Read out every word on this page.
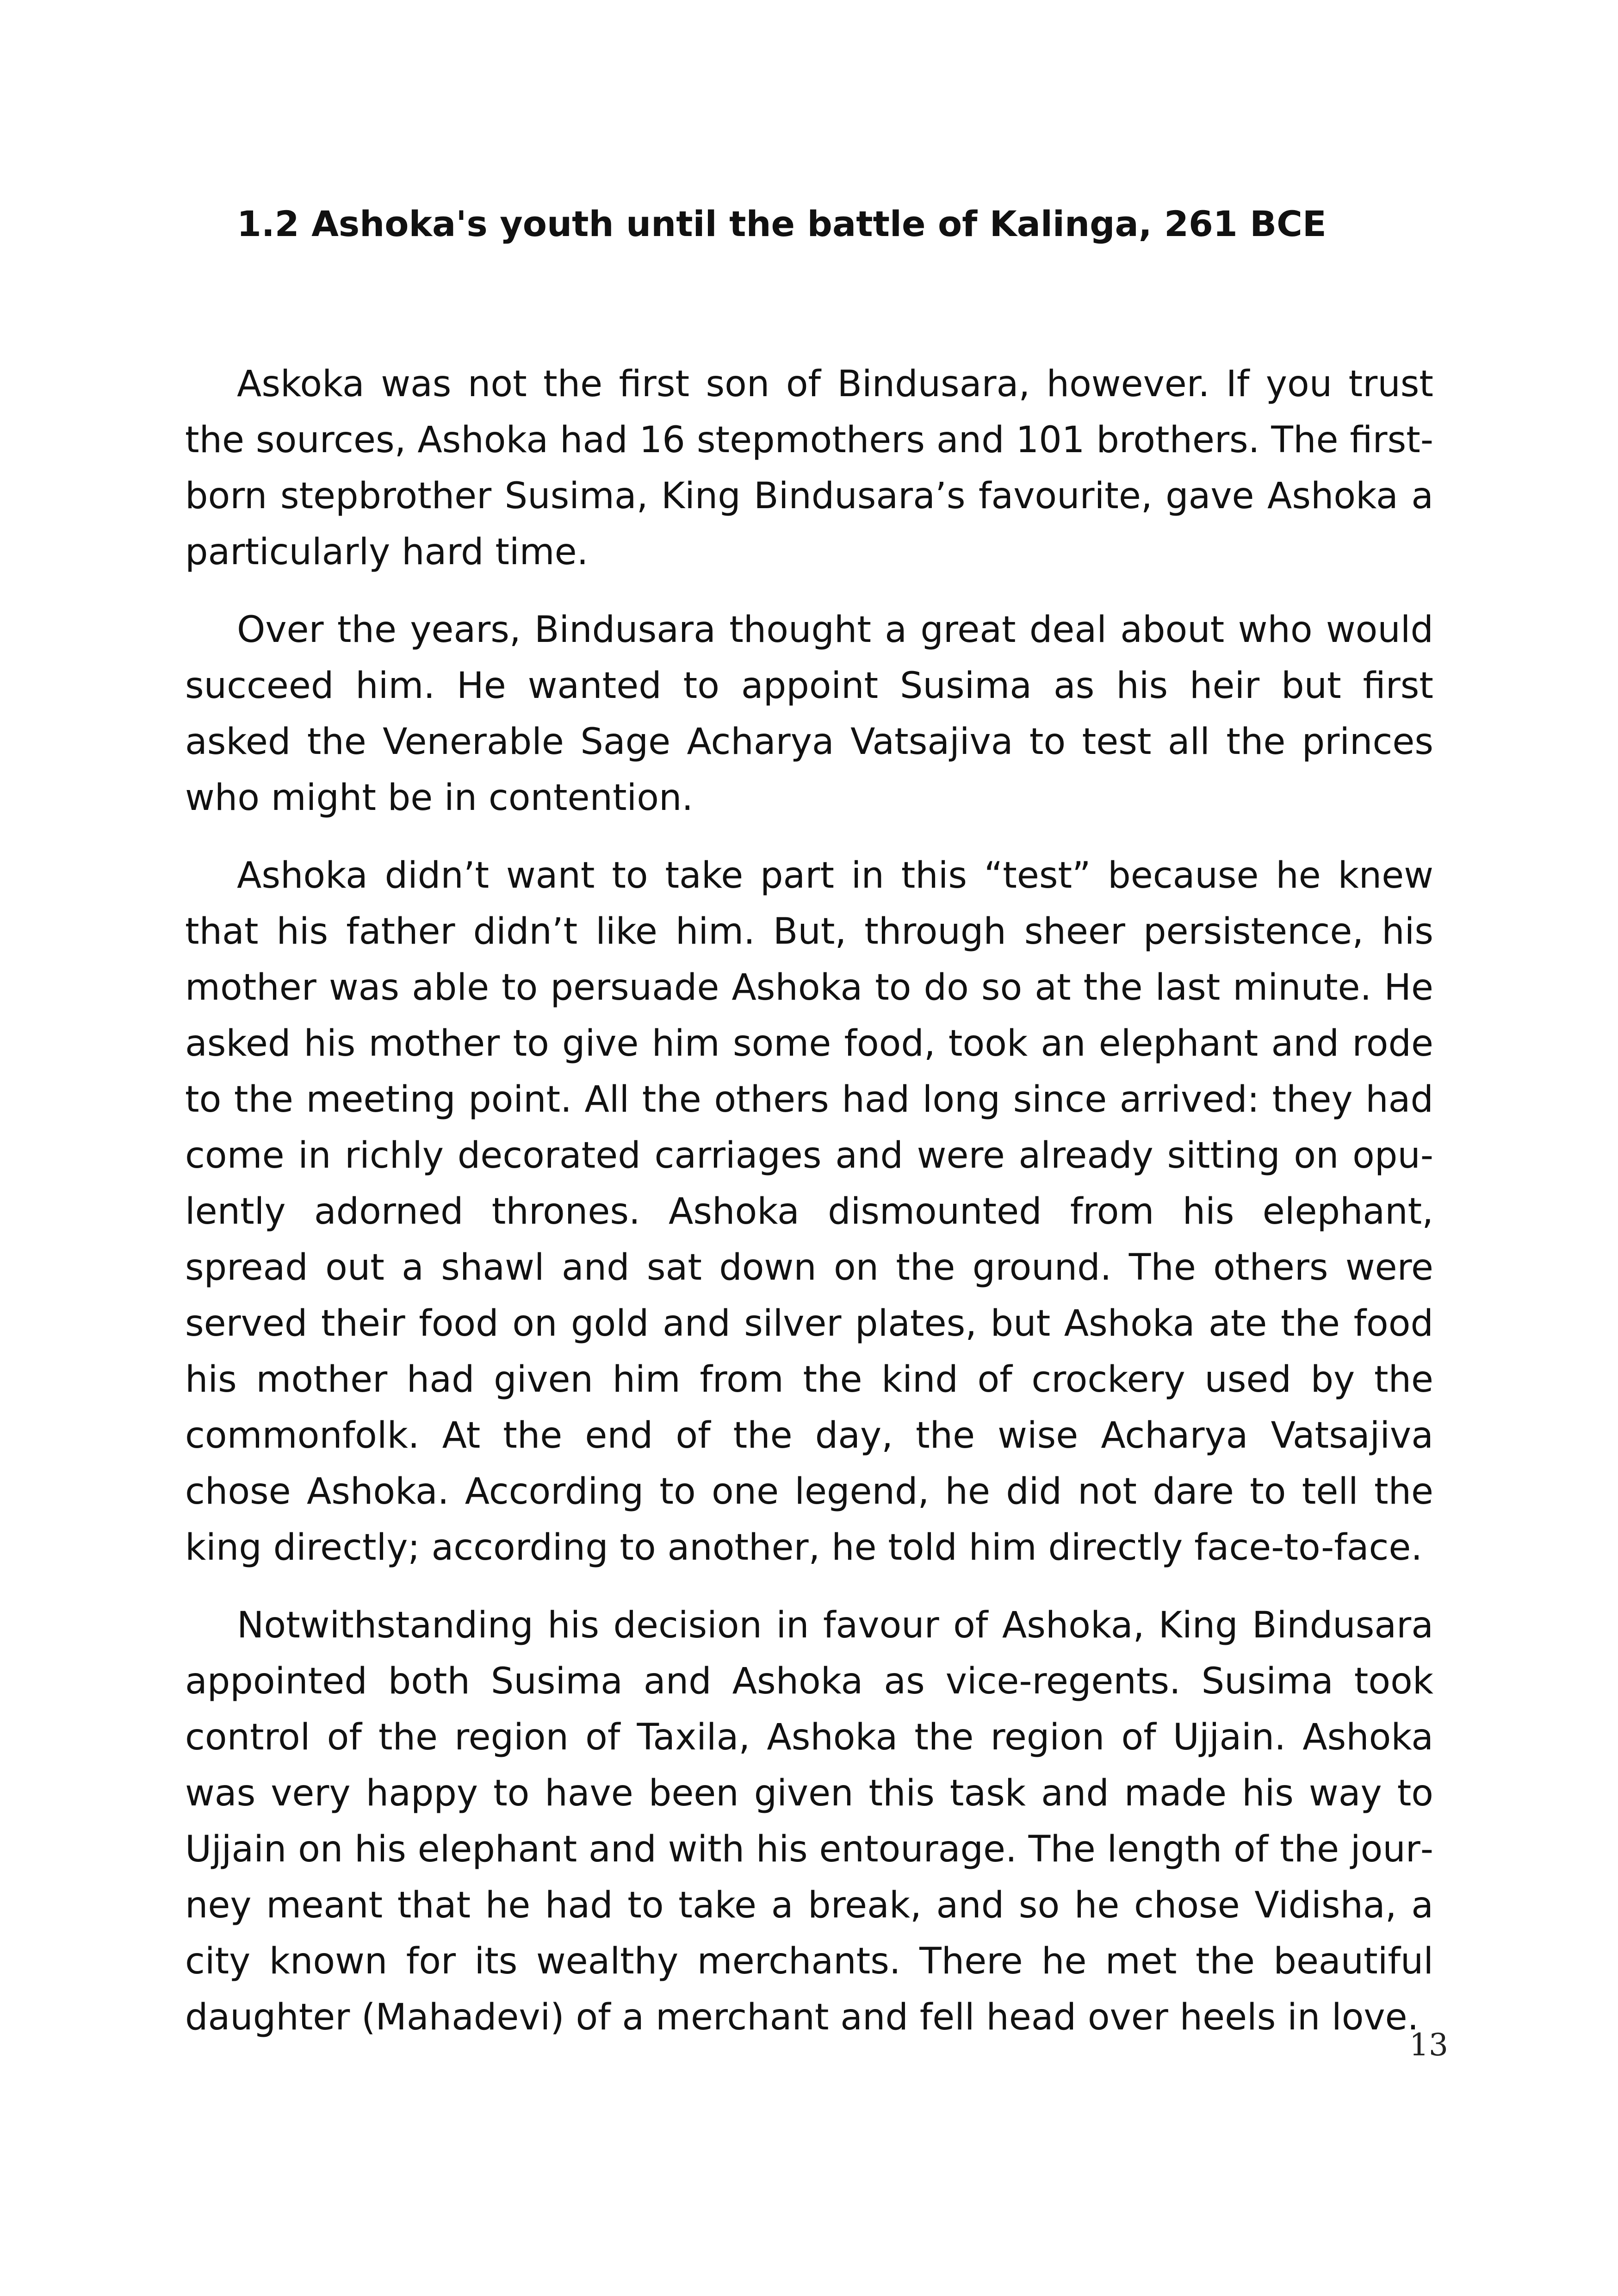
1.2 Ashoka's youth until the battle of Kalinga, 261 BCE

Askoka was not the first son of Bindusara, however. If you trust the sources, Ashoka had 16 stepmothers and 101 brothers. The firstborn stepbrother Susima, King Bindusara’s favourite, gave Ashoka a particularly hard time.

Over the years, Bindusara thought a great deal about who would succeed him. He wanted to appoint Susima as his heir but first asked the Venerable Sage Acharya Vatsajiva to test all the princes who might be in contention.

Ashoka didn’t want to take part in this “test” because he knew that his father didn’t like him. But, through sheer persistence, his mother was able to persuade Ashoka to do so at the last minute. He asked his mother to give him some food, took an elephant and rode to the meeting point. All the others had long since arrived: they had come in richly decorated carriages and were already sitting on opulently adorned thrones. Ashoka dismounted from his elephant, spread out a shawl and sat down on the ground. The others were served their food on gold and silver plates, but Ashoka ate the food his mother had given him from the kind of crockery used by the commonfolk. At the end of the day, the wise Acharya Vatsajiva chose Ashoka. According to one legend, he did not dare to tell the king directly; according to another, he told him directly face-to-face.

Notwithstanding his decision in favour of Ashoka, King Bindusara appointed both Susima and Ashoka as vice-regents. Susima took control of the region of Taxila, Ashoka the region of Ujjain. Ashoka was very happy to have been given this task and made his way to Ujjain on his elephant and with his entourage. The length of the journey meant that he had to take a break, and so he chose Vidisha, a city known for its wealthy merchants. There he met the beautiful daughter (Mahadevi) of a merchant and fell head over heels in love.

13
